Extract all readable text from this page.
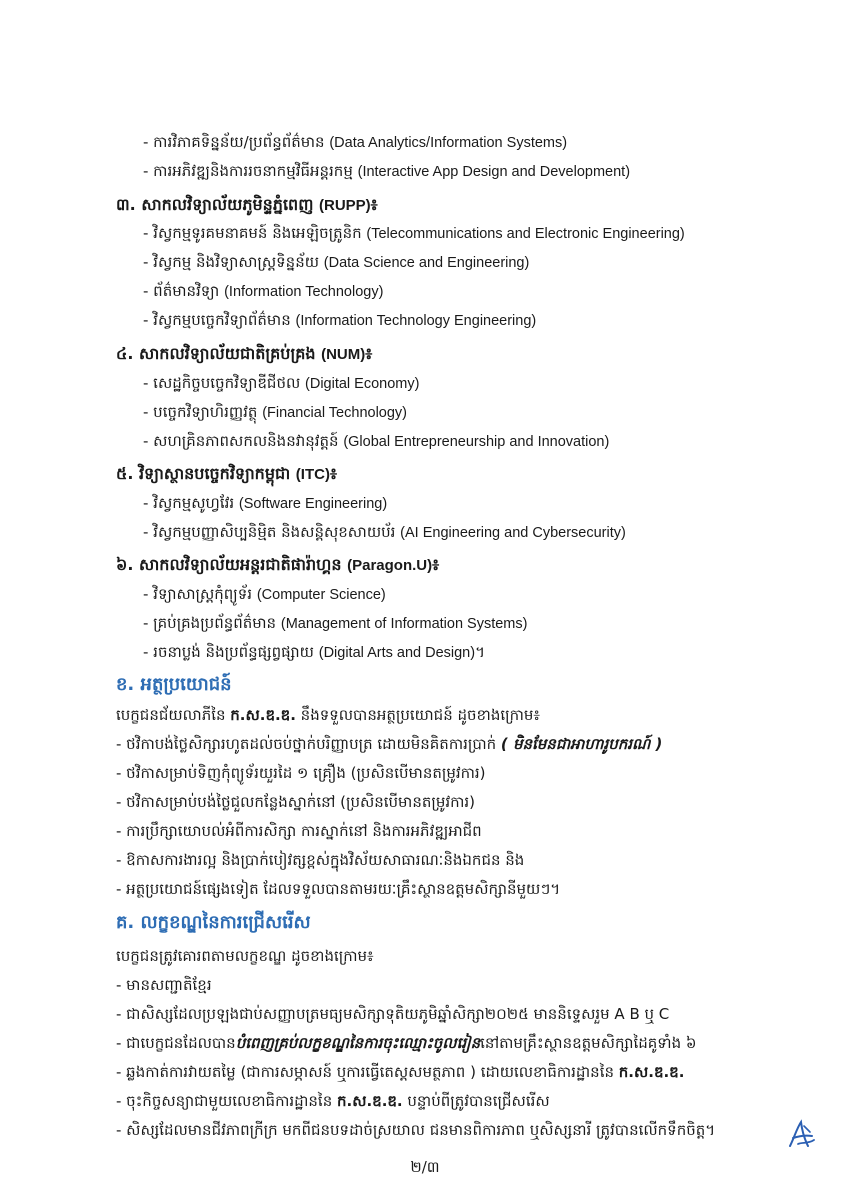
- ការវិភាគទិន្នន័យ/ប្រព័ន្ធព័ត៌មាន (Data Analytics/Information Systems)
- ការអភិវឌ្ឍនិងការរចនាកម្មវិធីអន្តរកម្ម (Interactive App Design and Development)
៣. សាកលវិទ្យាល័យភូមិន្ទភ្នំពេញ (RUPP)៖
- វិស្វកម្មទូរគមនាគមន៍ និងអេឡិចត្រូនិក (Telecommunications and Electronic Engineering)
- វិស្វកម្ម និងវិទ្យាសាស្ត្រទិន្នន័យ (Data Science and Engineering)
- ព័ត៌មានវិទ្យា (Information Technology)
- វិស្វកម្មបច្ចេកវិទ្យាព័ត៌មាន (Information Technology Engineering)
៤. សាកលវិទ្យាល័យជាតិគ្រប់គ្រង (NUM)៖
- សេដ្ឋកិច្ចបច្ចេកវិទ្យាឌីជីថល (Digital Economy)
- បច្ចេកវិទ្យាហិរញ្ញវត្ថុ (Financial Technology)
- សហគ្រិនភាពសកលនិងនវានុវត្តន៍ (Global Entrepreneurship and Innovation)
៥. វិទ្យាស្ថានបច្ចេកវិទ្យាកម្ពុជា (ITC)៖
- វិស្វកម្មសូហ្វវែរ (Software Engineering)
- វិស្វកម្មបញ្ញាសិប្បនិម្មិត និងសន្តិសុខសាយប័រ (AI Engineering and Cybersecurity)
៦. សាកលវិទ្យាល័យអន្តរជាតិផារ៉ាហ្គន (Paragon.U)៖
- វិទ្យាសាស្ត្រកុំព្យូទ័រ (Computer Science)
- គ្រប់គ្រងប្រព័ន្ធព័ត៌មាន (Management of Information Systems)
- រចនាប្លង់ និងប្រព័ន្ធផ្សព្វផ្សាយ (Digital Arts and Design)។
ខ. អត្ថប្រយោជន៍
បេក្ខជនជ័យលាភីនៃ ក.ស.ឌ.ឌ. នឹងទទួលបានអត្ថប្រយោជន៍ ដូចខាងក្រោម៖
- ថវិកាបង់ថ្លៃសិក្សារហូតដល់ចប់ថ្នាក់បរិញ្ញាបត្រ ដោយមិនគិតការប្រាក់ ( មិនមែនជាអាហារូបករណ៍ )
- ថវិកាសម្រាប់ទិញកុំព្យូទ័រយួរដៃ ១ គ្រឿង (ប្រសិនបើមានតម្រូវការ)
- ថវិកាសម្រាប់បង់ថ្លៃជួលកន្លែងស្នាក់នៅ (ប្រសិនបើមានតម្រូវការ)
- ការប្រឹក្សាយោបល់អំពីការសិក្សា ការស្នាក់នៅ និងការអភិវឌ្ឍអាជីព
- ឱកាសការងារល្អ និងប្រាក់បៀវត្សខ្ពស់ក្នុងវិស័យសាធារណៈនិងឯកជន និង
- អត្ថប្រយោជន៍ផ្សេងទៀត ដែលទទួលបានតាមរយៈគ្រឹះស្ថានឧត្តមសិក្សានីមួយៗ។
គ. លក្ខខណ្ឌនៃការជ្រើសរើស
បេក្ខជនត្រូវគោរពតាមលក្ខខណ្ឌ ដូចខាងក្រោម៖
- មានសញ្ជាតិខ្មែរ
- ជាសិស្សដែលប្រឡងជាប់សញ្ញាបត្រមធ្យមសិក្សាទុតិយភូមិឆ្នាំសិក្សា២០២៥ មាននិទ្ទេសរួម A B ឬ C
- ជាបេក្ខជនដែលបានបំពេញគ្រប់លក្ខខណ្ឌនៃការចុះឈ្មោះចូលរៀននៅតាមគ្រឹះស្ថានឧត្តមសិក្សាដៃគូទាំង ៦
- ឆ្លងកាត់ការវាយតម្លៃ (ជាការសម្ភាសន៍ ឬការធ្វើតេស្តសមត្ថភាព ) ដោយលេខាធិការដ្ឋាននៃ ក.ស.ឌ.ឌ.
- ចុះកិច្ចសន្យាជាមួយលេខាធិការដ្ឋាននៃ ក.ស.ឌ.ឌ. បន្ទាប់ពីត្រូវបានជ្រើសរើស
- សិស្សដែលមានជីវភាពក្រីក្រ មកពីជនបទដាច់ស្រយាល ជនមានពិការភាព ឬសិស្សនារី ត្រូវបានលើកទឹកចិត្ត។
២/៣
